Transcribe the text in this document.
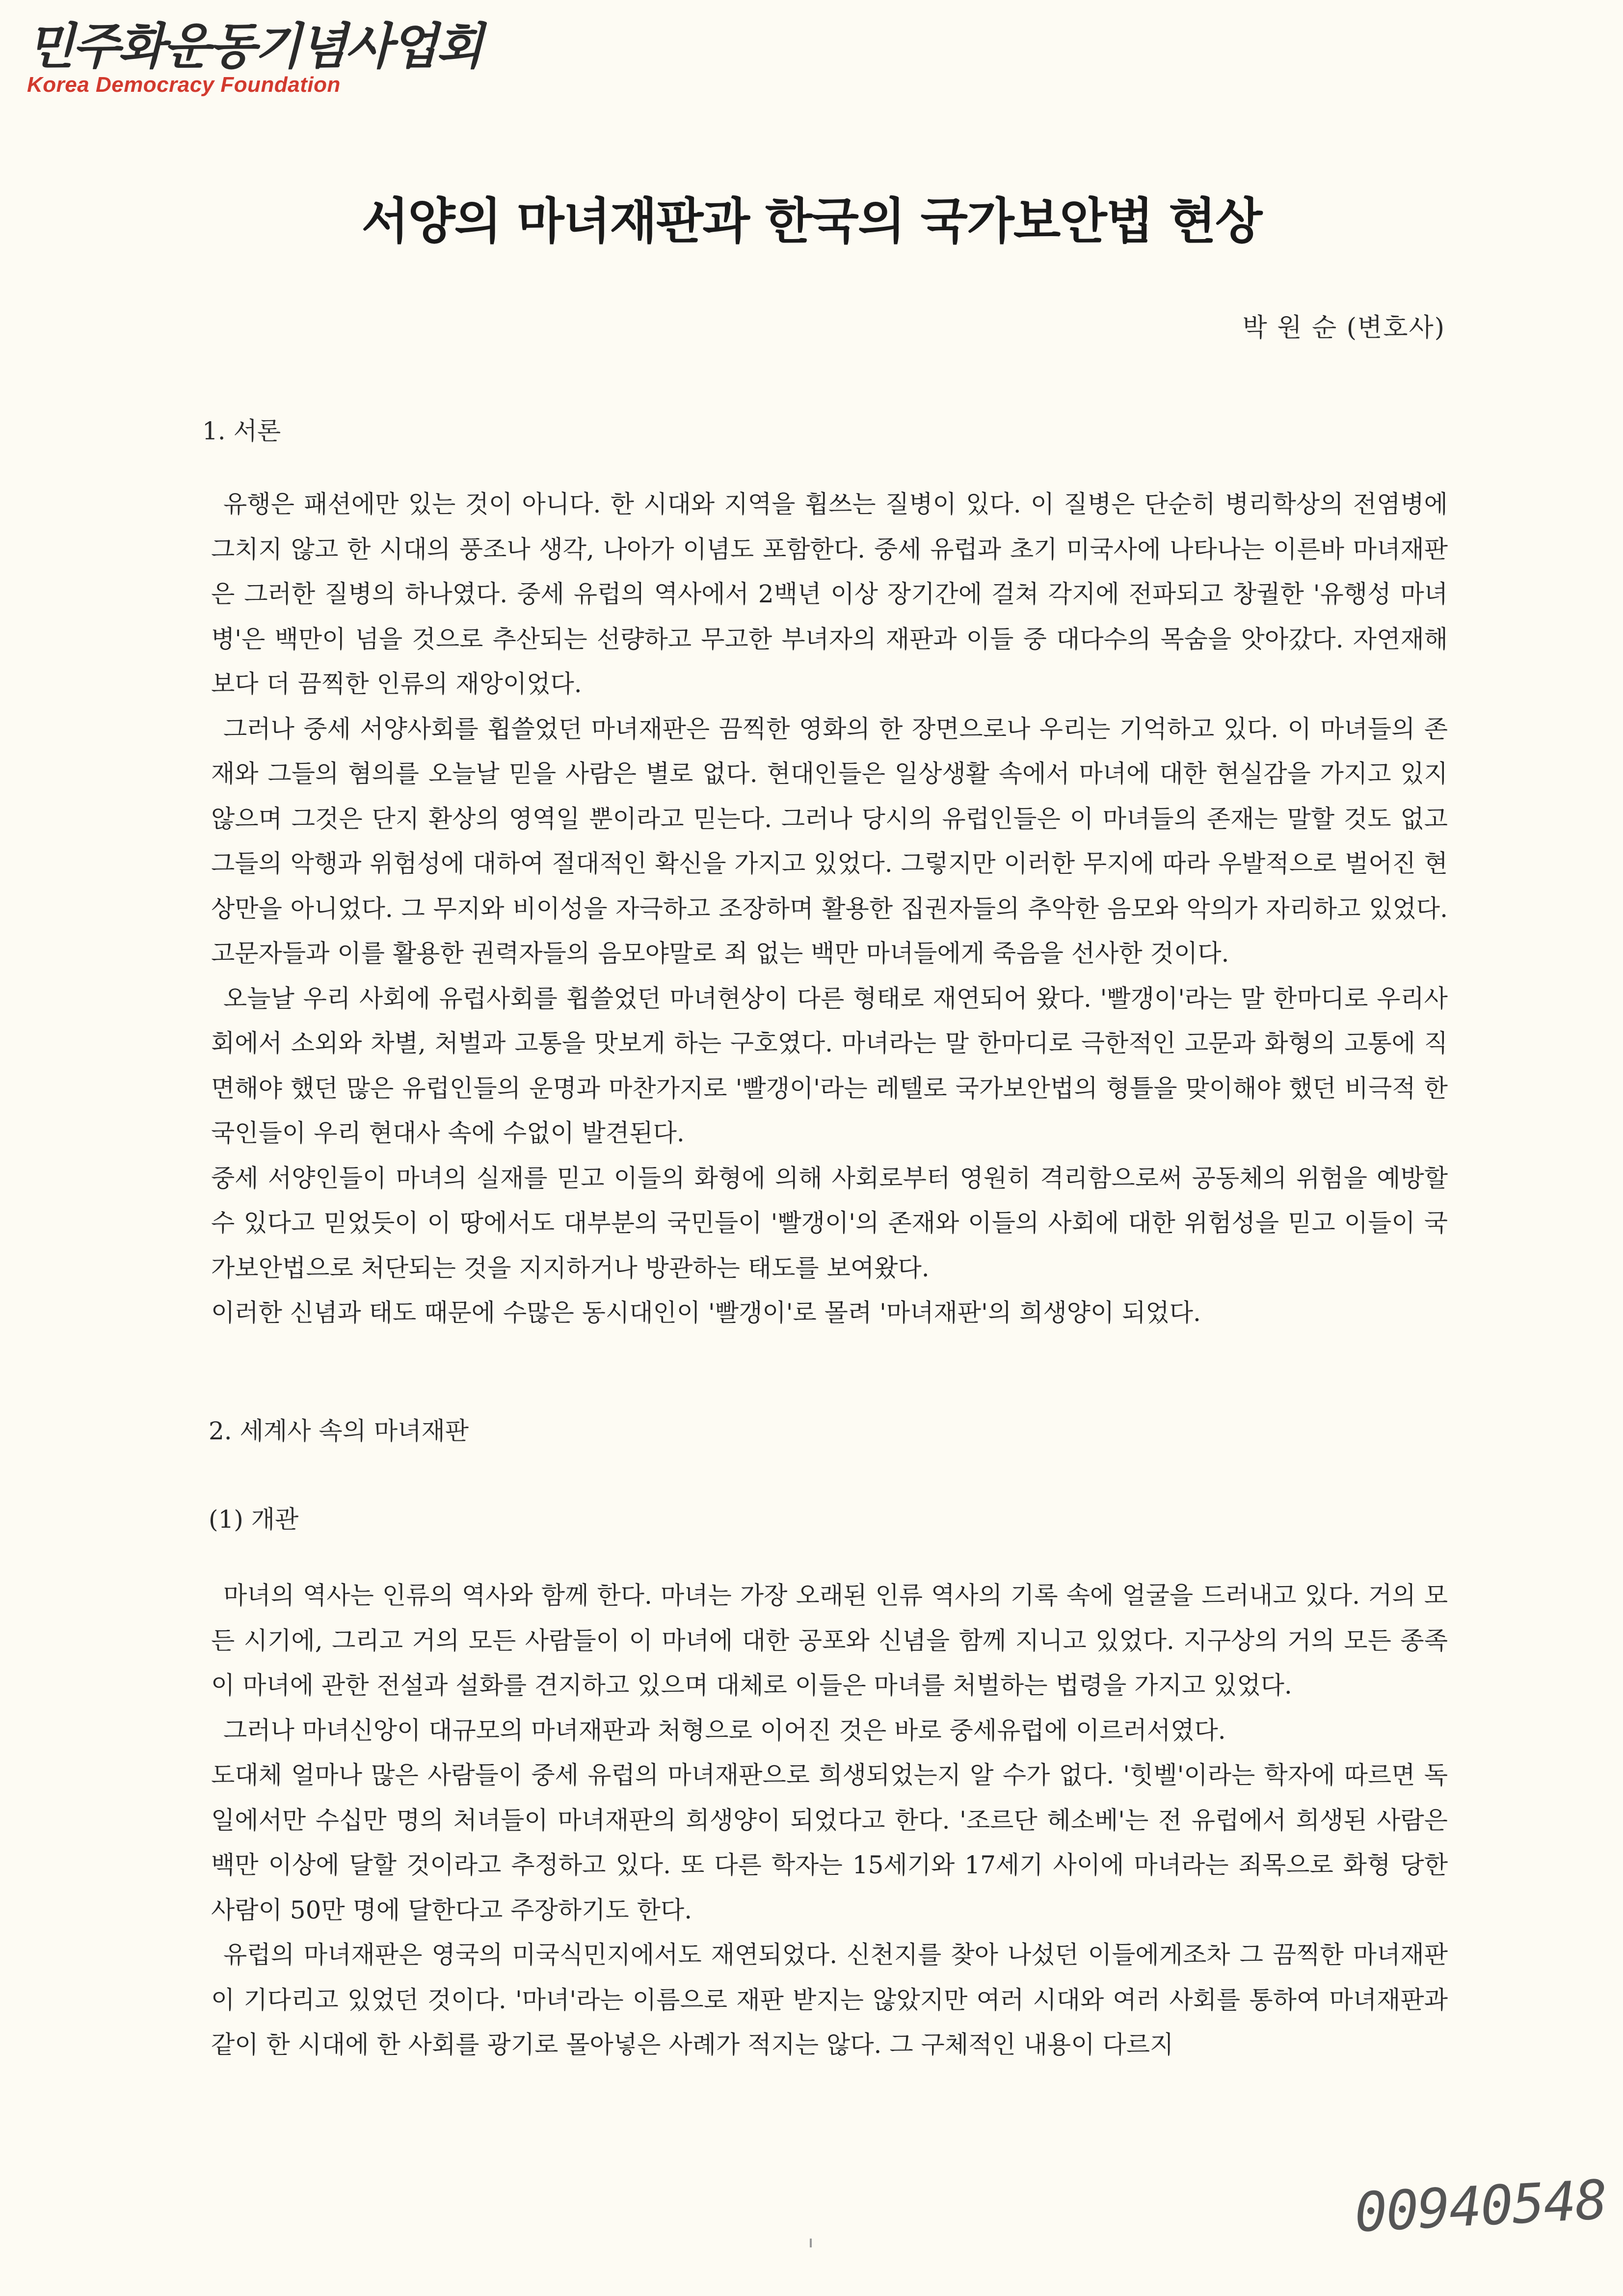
민주화운동기념사업회
Korea Democracy Foundation
서양의 마녀재판과 한국의 국가보안법 현상
박 원 순 (변호사)
1. 서론

유행은 패션에만 있는 것이 아니다. 한 시대와 지역을 휩쓰는 질병이 있다. 이 질병은 단순히 병리학상의 전염병에 그치지 않고 한 시대의 풍조나 생각, 나아가 이념도 포함한다. 중세 유럽과 초기 미국사에 나타나는 이른바 마녀재판은 그러한 질병의 하나였다. 중세 유럽의 역사에서 2백년 이상 장기간에 걸쳐 각지에 전파되고 창궐한 '유행성 마녀병'은 백만이 넘을 것으로 추산되는 선량하고 무고한 부녀자의 재판과 이들 중 대다수의 목숨을 앗아갔다. 자연재해보다 더 끔찍한 인류의 재앙이었다.

그러나 중세 서양사회를 휩쓸었던 마녀재판은 끔찍한 영화의 한 장면으로나 우리는 기억하고 있다. 이 마녀들의 존재와 그들의 혐의를 오늘날 믿을 사람은 별로 없다. 현대인들은 일상생활 속에서 마녀에 대한 현실감을 가지고 있지 않으며 그것은 단지 환상의 영역일 뿐이라고 믿는다. 그러나 당시의 유럽인들은 이 마녀들의 존재는 말할 것도 없고 그들의 악행과 위험성에 대하여 절대적인 확신을 가지고 있었다. 그렇지만 이러한 무지에 따라 우발적으로 벌어진 현상만을 아니었다. 그 무지와 비이성을 자극하고 조장하며 활용한 집권자들의 추악한 음모와 악의가 자리하고 있었다. 고문자들과 이를 활용한 권력자들의 음모야말로 죄 없는 백만 마녀들에게 죽음을 선사한 것이다.

오늘날 우리 사회에 유럽사회를 휩쓸었던 마녀현상이 다른 형태로 재연되어 왔다. '빨갱이'라는 말 한마디로 우리사회에서 소외와 차별, 처벌과 고통을 맛보게 하는 구호였다. 마녀라는 말 한마디로 극한적인 고문과 화형의 고통에 직면해야 했던 많은 유럽인들의 운명과 마찬가지로 '빨갱이'라는 레텔로 국가보안법의 형틀을 맞이해야 했던 비극적 한국인들이 우리 현대사 속에 수없이 발견된다.

중세 서양인들이 마녀의 실재를 믿고 이들의 화형에 의해 사회로부터 영원히 격리함으로써 공동체의 위험을 예방할 수 있다고 믿었듯이 이 땅에서도 대부분의 국민들이 '빨갱이'의 존재와 이들의 사회에 대한 위험성을 믿고 이들이 국가보안법으로 처단되는 것을 지지하거나 방관하는 태도를 보여왔다.

이러한 신념과 태도 때문에 수많은 동시대인이 '빨갱이'로 몰려 '마녀재판'의 희생양이 되었다.

2. 세계사 속의 마녀재판
(1) 개관

마녀의 역사는 인류의 역사와 함께 한다. 마녀는 가장 오래된 인류 역사의 기록 속에 얼굴을 드러내고 있다. 거의 모든 시기에, 그리고 거의 모든 사람들이 이 마녀에 대한 공포와 신념을 함께 지니고 있었다. 지구상의 거의 모든 종족이 마녀에 관한 전설과 설화를 견지하고 있으며 대체로 이들은 마녀를 처벌하는 법령을 가지고 있었다.

그러나 마녀신앙이 대규모의 마녀재판과 처형으로 이어진 것은 바로 중세유럽에 이르러서였다.

도대체 얼마나 많은 사람들이 중세 유럽의 마녀재판으로 희생되었는지 알 수가 없다. '힛벨'이라는 학자에 따르면 독일에서만 수십만 명의 처녀들이 마녀재판의 희생양이 되었다고 한다. '조르단 헤소베'는 전 유럽에서 희생된 사람은 백만 이상에 달할 것이라고 추정하고 있다. 또 다른 학자는 15세기와 17세기 사이에 마녀라는 죄목으로 화형 당한 사람이 50만 명에 달한다고 주장하기도 한다.

유럽의 마녀재판은 영국의 미국식민지에서도 재연되었다. 신천지를 찾아 나섰던 이들에게조차 그 끔찍한 마녀재판이 기다리고 있었던 것이다. '마녀'라는 이름으로 재판 받지는 않았지만 여러 시대와 여러 사회를 통하여 마녀재판과 같이 한 시대에 한 사회를 광기로 몰아넣은 사례가 적지는 않다. 그 구체적인 내용이 다르지

00940548
